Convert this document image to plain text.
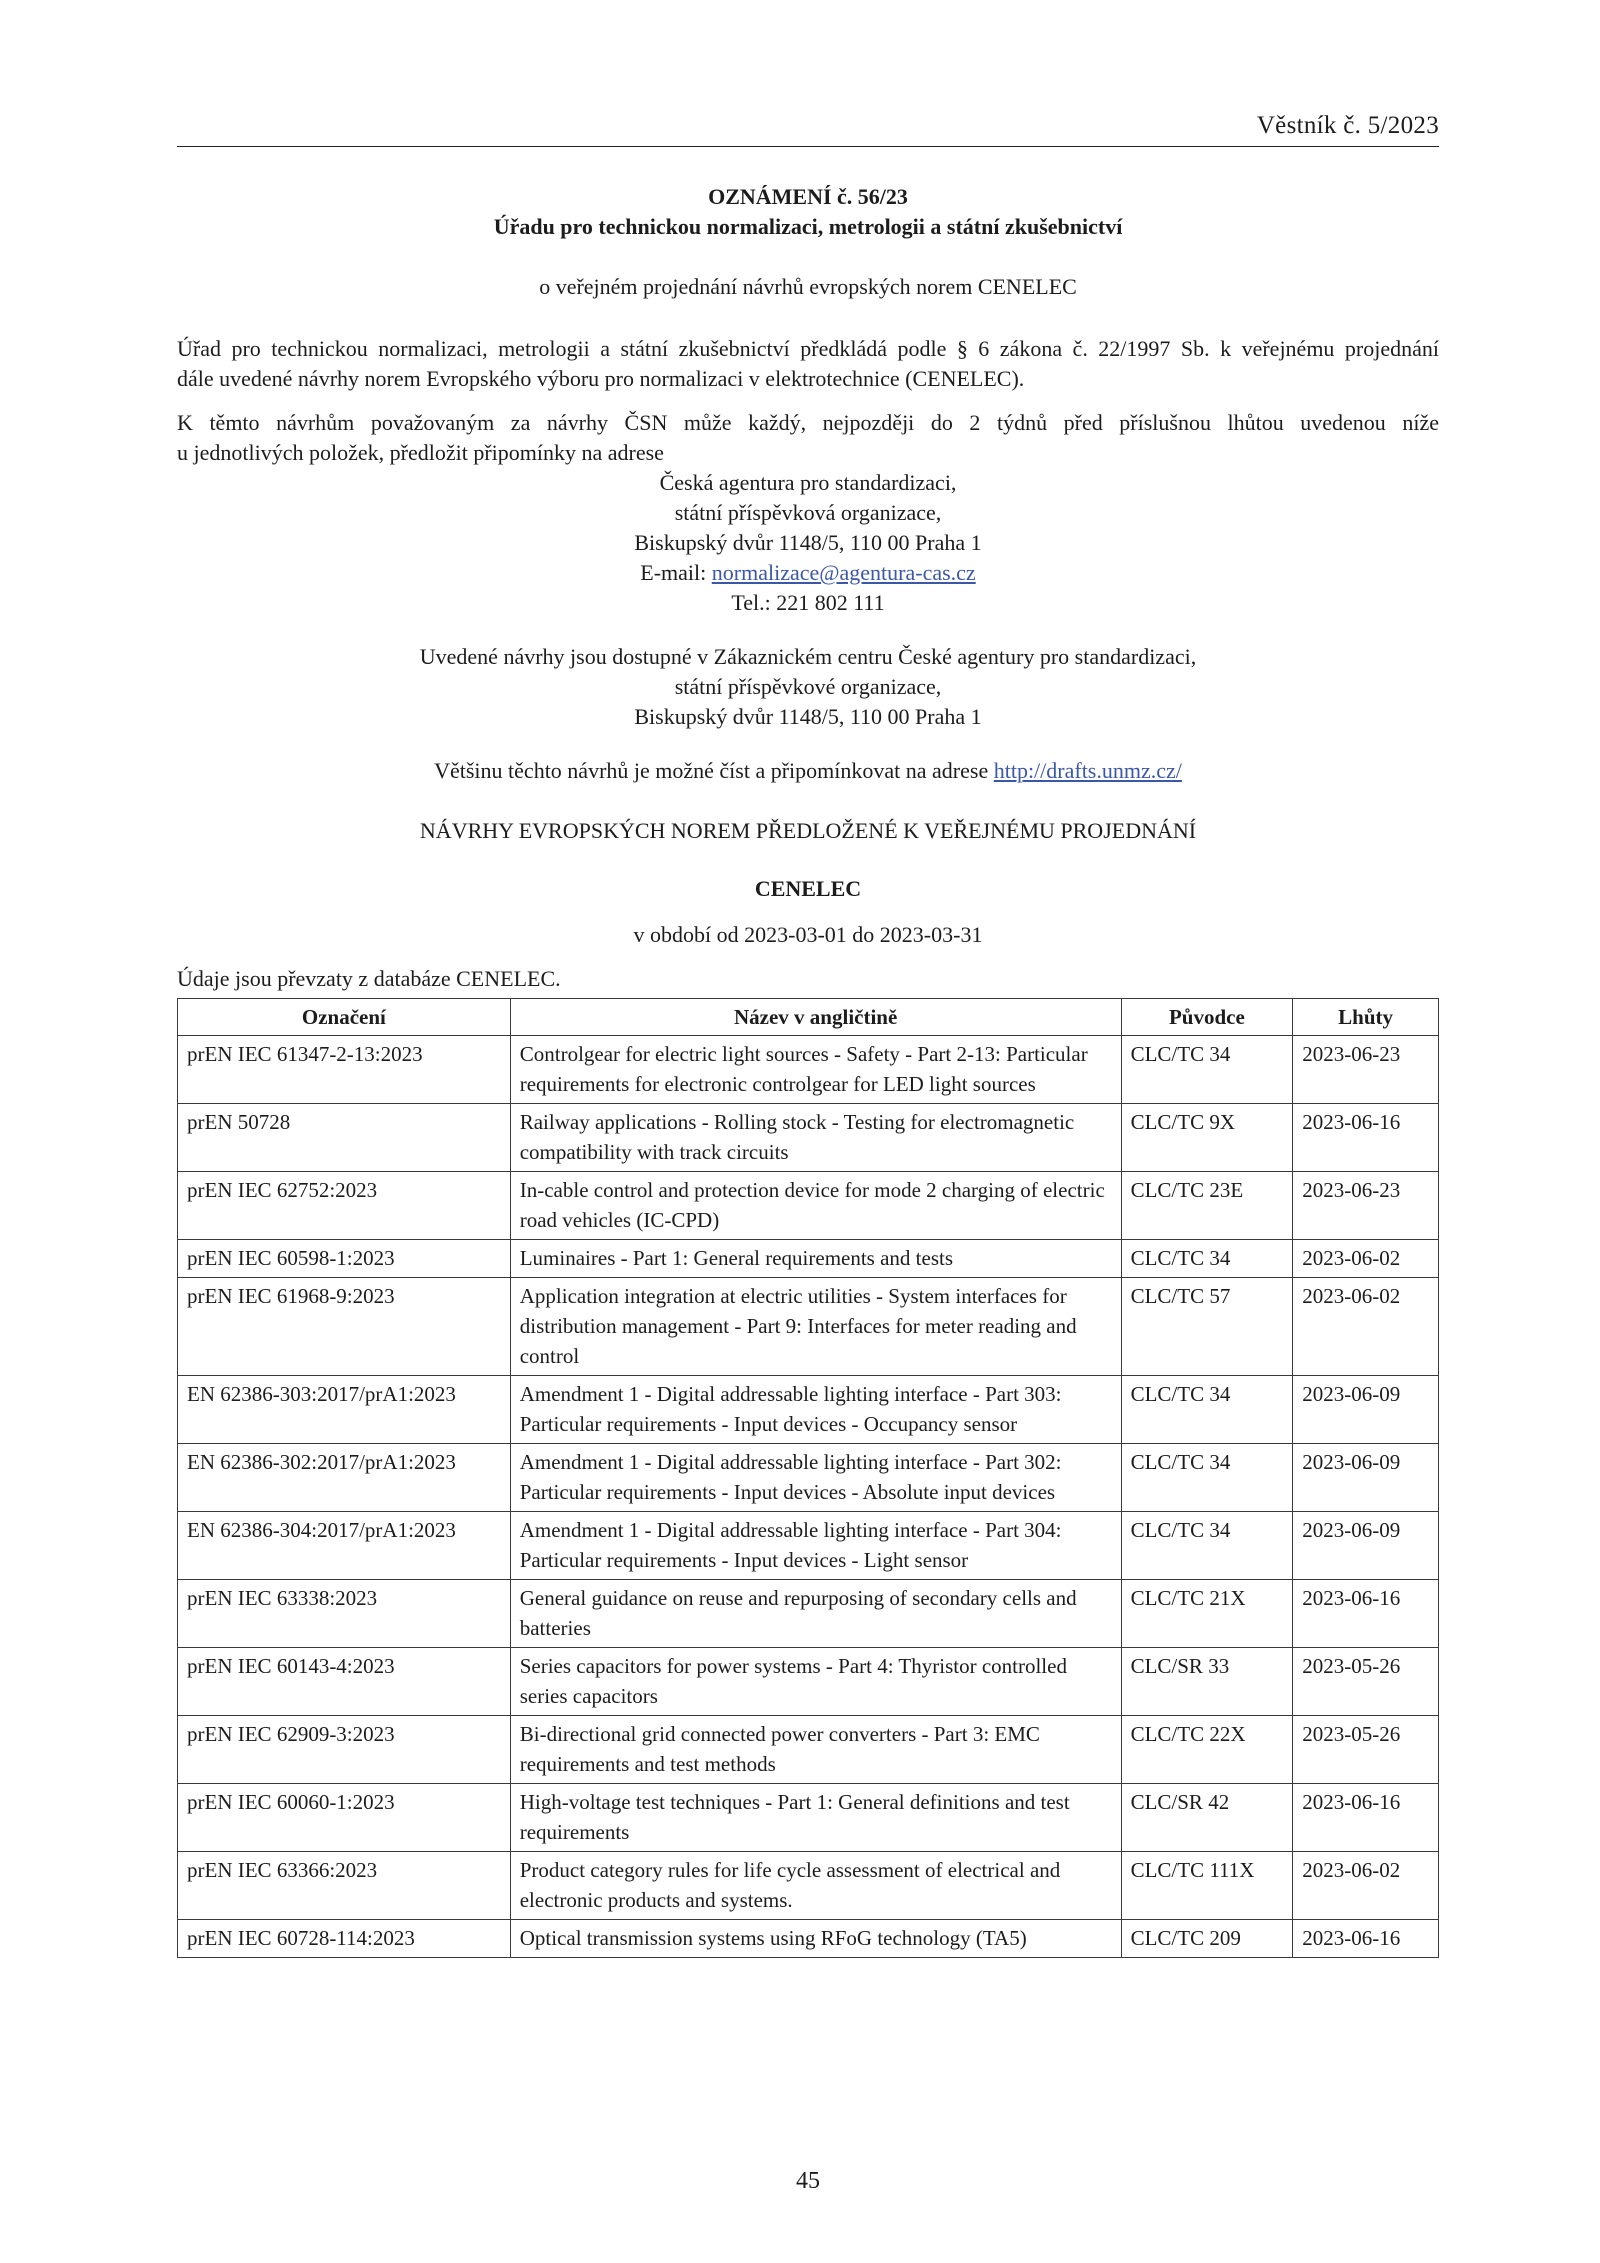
Věstník č. 5/2023
OZNÁMENÍ č. 56/23
Úřadu pro technickou normalizaci, metrologii a státní zkušebnictví
o veřejném projednání návrhů evropských norem CENELEC
Úřad pro technickou normalizaci, metrologii a státní zkušebnictví předkládá podle § 6 zákona č. 22/1997 Sb. k veřejnému projednání
dále uvedené návrhy norem Evropského výboru pro normalizaci v elektrotechnice (CENELEC).
K těmto návrhům považovaným za návrhy ČSN může každý, nejpozději do 2 týdnů před příslušnou lhůtou uvedenou níže
u jednotlivých položek, předložit připomínky na adrese
Česká agentura pro standardizaci,
státní příspěvková organizace,
Biskupský dvůr 1148/5, 110 00 Praha 1
E-mail: normalizace@agentura-cas.cz
Tel.: 221 802 111
Uvedené návrhy jsou dostupné v Zákaznickém centru České agentury pro standardizaci,
státní příspěvkové organizace,
Biskupský dvůr 1148/5, 110 00 Praha 1
Většinu těchto návrhů je možné číst a připomínkovat na adrese http://drafts.unmz.cz/
NÁVRHY EVROPSKÝCH NOREM PŘEDLOŽENÉ K VEŘEJNÉMU PROJEDNÁNÍ
CENELEC
v období od 2023-03-01 do 2023-03-31
Údaje jsou převzaty z databáze CENELEC.
Označení	Název v angličtině	Původce	Lhůty
prEN IEC 61347-2-13:2023	Controlgear for electric light sources - Safety - Part 2-13: Particular requirements for electronic controlgear for LED light sources	CLC/TC 34	2023-06-23
prEN 50728	Railway applications - Rolling stock - Testing for electromagnetic compatibility with track circuits	CLC/TC 9X	2023-06-16
prEN IEC 62752:2023	In-cable control and protection device for mode 2 charging of electric road vehicles (IC-CPD)	CLC/TC 23E	2023-06-23
prEN IEC 60598-1:2023	Luminaires - Part 1: General requirements and tests	CLC/TC 34	2023-06-02
prEN IEC 61968-9:2023	Application integration at electric utilities - System interfaces for distribution management - Part 9: Interfaces for meter reading and control	CLC/TC 57	2023-06-02
EN 62386-303:2017/prA1:2023	Amendment 1 - Digital addressable lighting interface - Part 303: Particular requirements - Input devices - Occupancy sensor	CLC/TC 34	2023-06-09
EN 62386-302:2017/prA1:2023	Amendment 1 - Digital addressable lighting interface - Part 302: Particular requirements - Input devices - Absolute input devices	CLC/TC 34	2023-06-09
EN 62386-304:2017/prA1:2023	Amendment 1 - Digital addressable lighting interface - Part 304: Particular requirements - Input devices - Light sensor	CLC/TC 34	2023-06-09
prEN IEC 63338:2023	General guidance on reuse and repurposing of secondary cells and batteries	CLC/TC 21X	2023-06-16
prEN IEC 60143-4:2023	Series capacitors for power systems - Part 4: Thyristor controlled series capacitors	CLC/SR 33	2023-05-26
prEN IEC 62909-3:2023	Bi-directional grid connected power converters - Part 3: EMC requirements and test methods	CLC/TC 22X	2023-05-26
prEN IEC 60060-1:2023	High-voltage test techniques - Part 1: General definitions and test requirements	CLC/SR 42	2023-06-16
prEN IEC 63366:2023	Product category rules for life cycle assessment of electrical and electronic products and systems.	CLC/TC 111X	2023-06-02
prEN IEC 60728-114:2023	Optical transmission systems using RFoG technology (TA5)	CLC/TC 209	2023-06-16
45
